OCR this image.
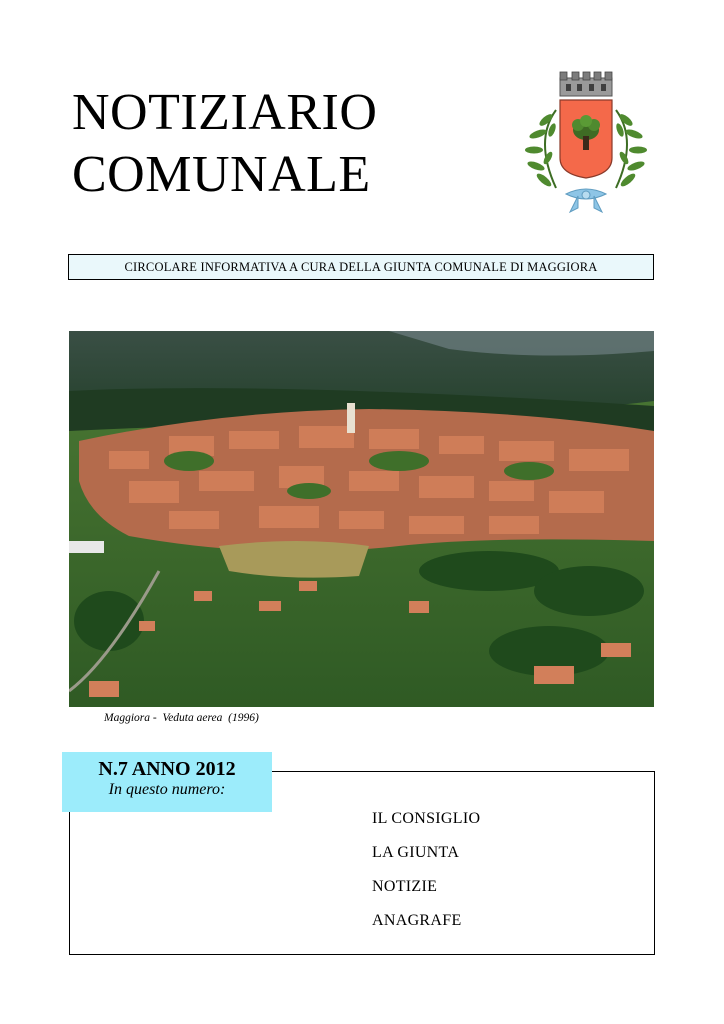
NOTIZIARIO
COMUNALE
CIRCOLARE INFORMATIVA A CURA DELLA GIUNTA COMUNALE DI MAGGIORA
Maggiora -  Veduta aerea  (1996)
N.7 ANNO 2012
In questo numero:
IL CONSIGLIO
LA GIUNTA
NOTIZIE
ANAGRAFE
